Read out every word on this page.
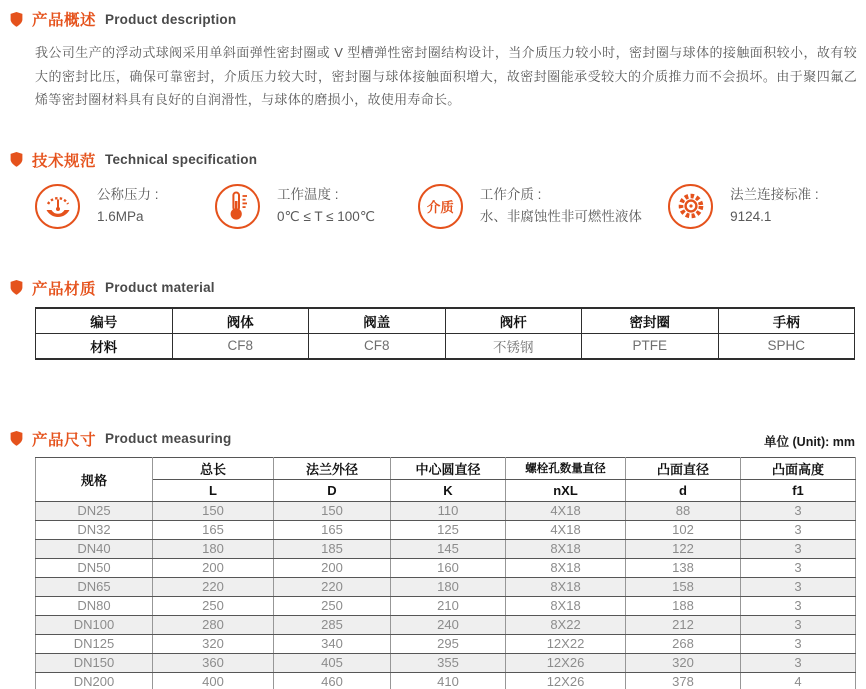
产品概述 Product description
我公司生产的浮动式球阀采用单斜面弹性密封圈或 V 型槽弹性密封圈结构设计，当介质压力较小时，密封圈与球体的接触面积较小，故有较大的密封比压，确保可靠密封，介质压力较大时，密封圈与球体接触面积增大，故密封圈能承受较大的介质推力而不会损坏。由于聚四氟乙烯等密封圈材料具有良好的自润滑性，与球体的磨损小，故使用寿命长。
技术规范 Technical specification
公称压力 :
1.6MPa
工作温度 :
0℃ ≤ T ≤ 100℃
介质
工作介质 :
水、非腐蚀性非可燃性液体
法兰连接标准 :
9124.1
产品材质 Product material
编号	阀体	阀盖	阀杆	密封圈	手柄
材料	CF8	CF8	不锈钢	PTFE	SPHC
产品尺寸 Product measuring	单位 (Unit): mm
规格	总长	法兰外径	中心圆直径	螺栓孔数量直径	凸面直径	凸面高度
	L	D	K	nXL	d	f1
DN25	150	150	110	4X18	88	3
DN32	165	165	125	4X18	102	3
DN40	180	185	145	8X18	122	3
DN50	200	200	160	8X18	138	3
DN65	220	220	180	8X18	158	3
DN80	250	250	210	8X18	188	3
DN100	280	285	240	8X22	212	3
DN125	320	340	295	12X22	268	3
DN150	360	405	355	12X26	320	3
DN200	400	460	410	12X26	378	4
